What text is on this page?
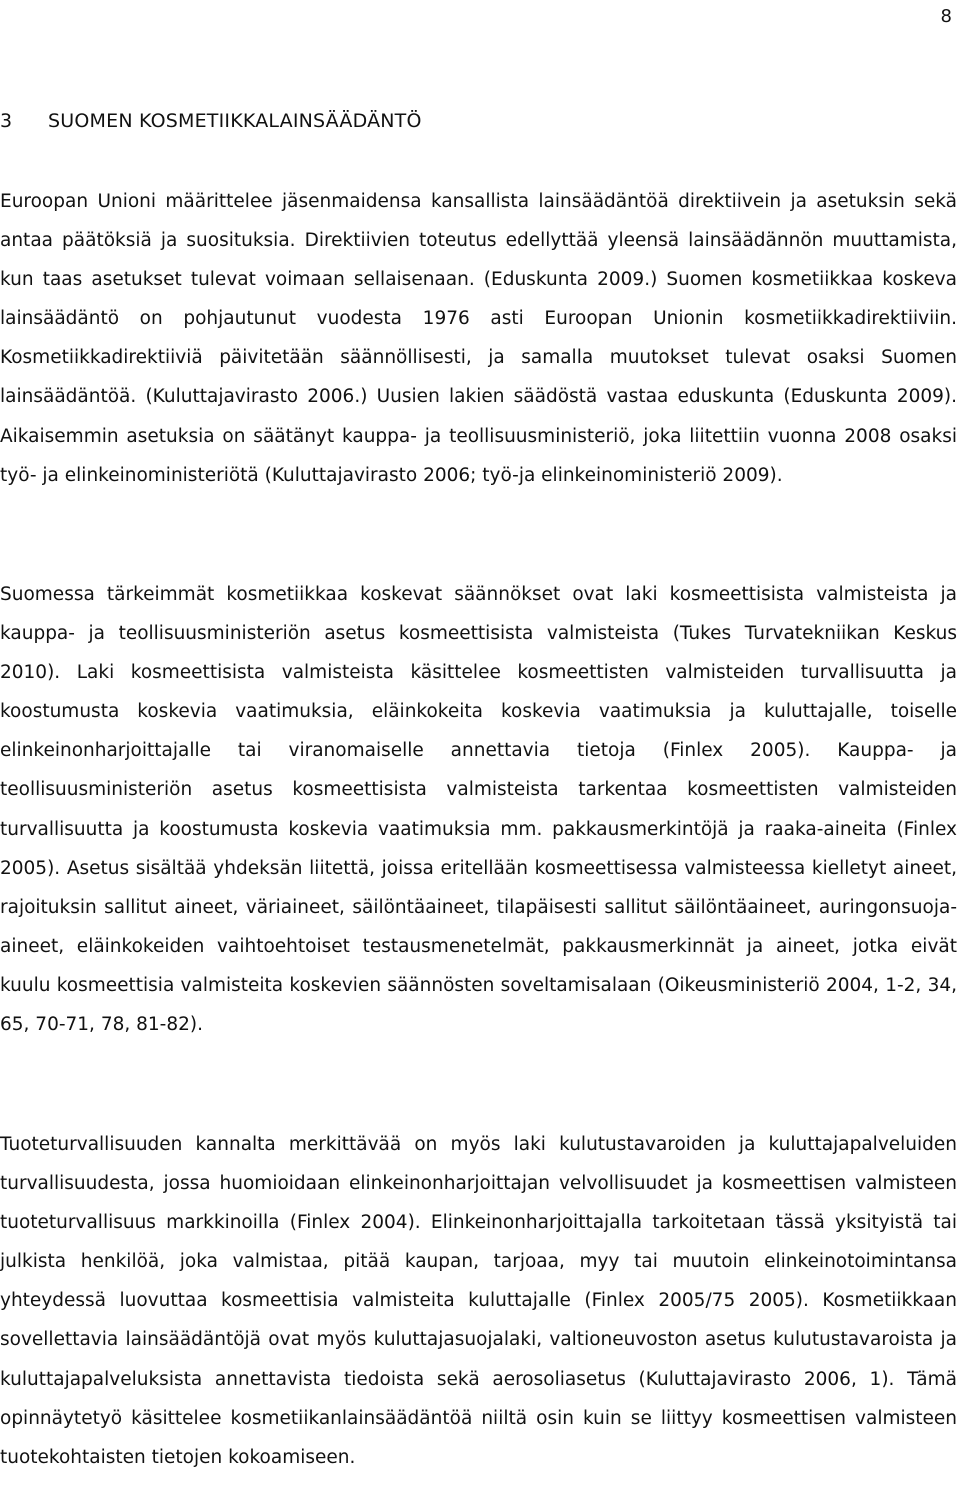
8
3 SUOMEN KOSMETIIKKALAINSÄÄDÄNTÖ

Euroopan Unioni määrittelee jäsenmaidensa kansallista lainsäädäntöä direktiivein ja asetuksin sekä antaa päätöksiä ja suosituksia. Direktiivien toteutus edellyttää yleensä lainsäädännön muuttamista, kun taas asetukset tulevat voimaan sellaisenaan. (Eduskunta 2009.) Suomen kosmetiikkaa koskeva lainsäädäntö on pohjautunut vuodesta 1976 asti Euroopan Unionin kosmetiikkadirektiiviin. Kosmetiikkadirektiiviä päivitetään säännöllisesti, ja samalla muutokset tulevat osaksi Suomen lainsäädäntöä. (Kuluttajavirasto 2006.) Uusien lakien säädöstä vastaa eduskunta (Eduskunta 2009). Aikaisemmin asetuksia on säätänyt kauppa- ja teollisuusministeriö, joka liitettiin vuonna 2008 osaksi työ- ja elinkeinoministeriötä (Kuluttajavirasto 2006; työ-ja elinkeinoministeriö 2009).

Suomessa tärkeimmät kosmetiikkaa koskevat säännökset ovat laki kosmeettisista valmisteista ja kauppa- ja teollisuusministeriön asetus kosmeettisista valmisteista (Tukes Turvatekniikan Keskus 2010). Laki kosmeettisista valmisteista käsittelee kosmeettisten valmisteiden turvallisuutta ja koostumusta koskevia vaatimuksia, eläinkokeita koskevia vaatimuksia ja kuluttajalle, toiselle elinkeinonharjoittajalle tai viranomaiselle annettavia tietoja (Finlex 2005). Kauppa- ja teollisuusministeriön asetus kosmeettisista valmisteista tarkentaa kosmeettisten valmisteiden turvallisuutta ja koostumusta koskevia vaatimuksia mm. pakkausmerkintöjä ja raaka-aineita (Finlex 2005). Asetus sisältää yhdeksän liitettä, joissa eritellään kosmeettisessa valmisteessa kielletyt aineet, rajoituksin sallitut aineet, väriaineet, säilöntäaineet, tilapäisesti sallitut säilöntäaineet, auringonsuoja-aineet, eläinkokeiden vaihtoehtoiset testausmenetelmät, pakkausmerkinnät ja aineet, jotka eivät kuulu kosmeettisia valmisteita koskevien säännösten soveltamisalaan (Oikeusministeriö 2004, 1-2, 34, 65, 70-71, 78, 81-82).

Tuoteturvallisuuden kannalta merkittävää on myös laki kulutustavaroiden ja kuluttajapalveluiden turvallisuudesta, jossa huomioidaan elinkeinonharjoittajan velvollisuudet ja kosmeettisen valmisteen tuoteturvallisuus markkinoilla (Finlex 2004). Elinkeinonharjoittajalla tarkoitetaan tässä yksityistä tai julkista henkilöä, joka valmistaa, pitää kaupan, tarjoaa, myy tai muutoin elinkeinotoimintansa yhteydessä luovuttaa kosmeettisia valmisteita kuluttajalle (Finlex 2005/75 2005). Kosmetiikkaan sovellettavia lainsäädäntöjä ovat myös kuluttajasuojalaki, valtioneuvoston asetus kulutustavaroista ja kuluttajapalveluksista annettavista tiedoista sekä aerosoliasetus (Kuluttajavirasto 2006, 1). Tämä opinnäytetyö käsittelee kosmetiikanlainsäädäntöä niiltä osin kuin se liittyy kosmeettisen valmisteen tuotekohtaisten tietojen kokoamiseen.
